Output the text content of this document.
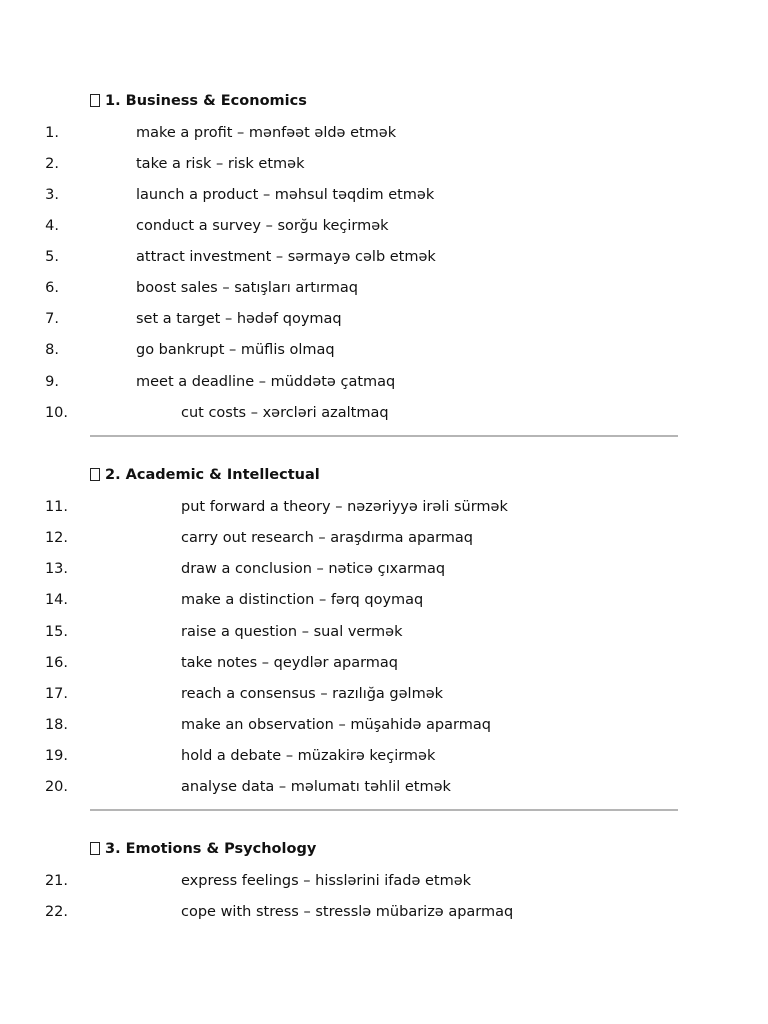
1. Business & Economics
1.	make a profit – mənfəət əldə etmək
2.	take a risk – risk etmək
3.	launch a product – məhsul təqdim etmək
4.	conduct a survey – sorğu keçirmək
5.	attract investment – sərmayə cəlb etmək
6.	boost sales – satışları artırmaq
7.	set a target – hədəf qoymaq
8.	go bankrupt – müflis olmaq
9.	meet a deadline – müddətə çatmaq
10.	cut costs – xərcləri azaltmaq
2. Academic & Intellectual
11.	put forward a theory – nəzəriyyə irəli sürmək
12.	carry out research – araşdırma aparmaq
13.	draw a conclusion – nəticə çıxarmaq
14.	make a distinction – fərq qoymaq
15.	raise a question – sual vermək
16.	take notes – qeydlər aparmaq
17.	reach a consensus – razılığa gəlmək
18.	make an observation – müşahidə aparmaq
19.	hold a debate – müzakirə keçirmək
20.	analyse data – məlumatı təhlil etmək
3. Emotions & Psychology
21.	express feelings – hisslərini ifadə etmək
22.	cope with stress – stresslə mübarizə aparmaq
